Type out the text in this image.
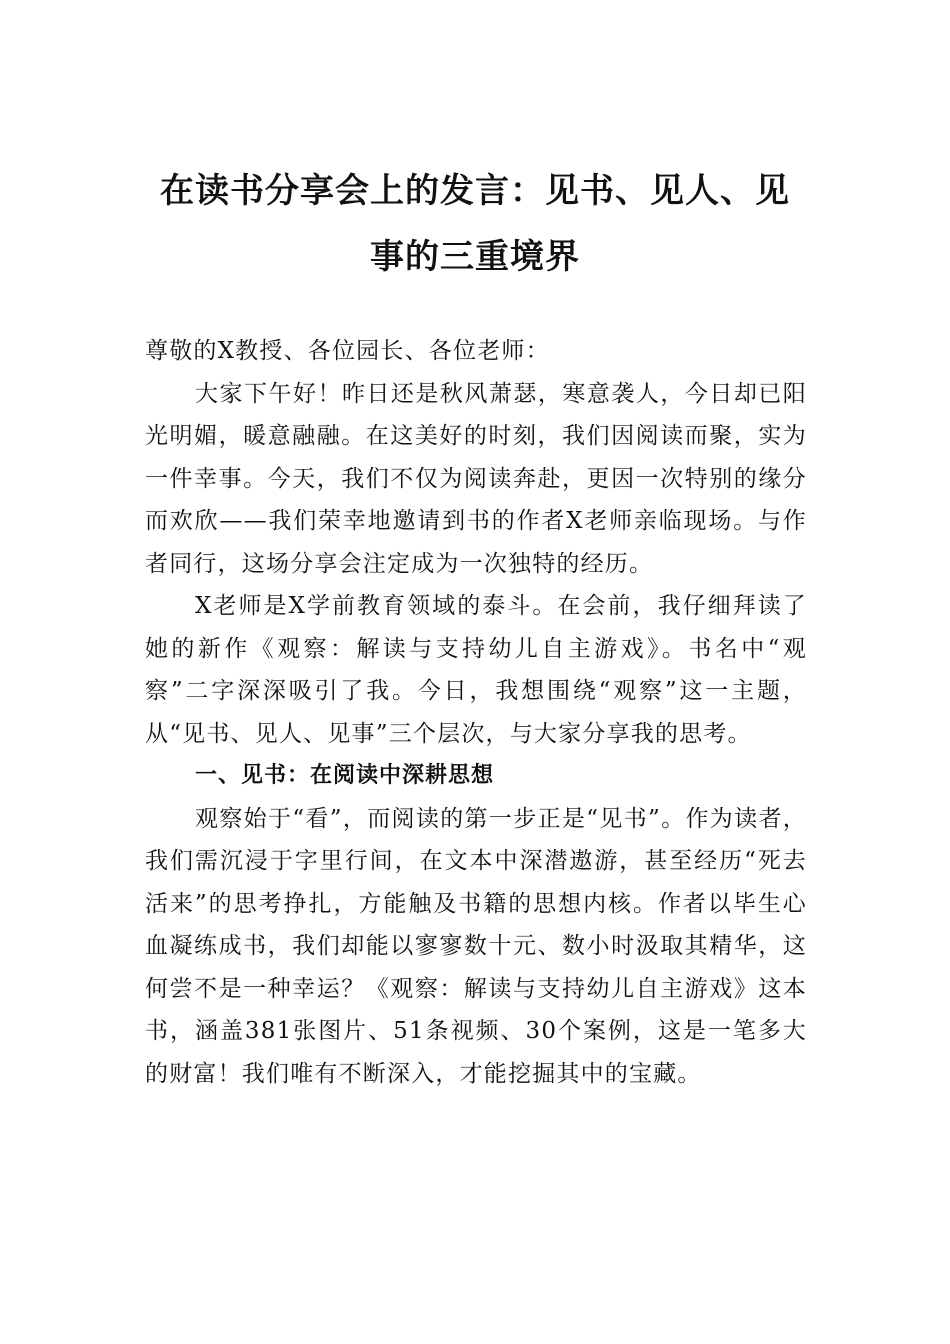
在读书分享会上的发言：见书、见人、见
事的三重境界

尊敬的X教授、各位园长、各位老师：

大家下午好！昨日还是秋风萧瑟，寒意袭人，今日却已阳光明媚，暖意融融。在这美好的时刻，我们因阅读而聚，实为一件幸事。今天，我们不仅为阅读奔赴，更因一次特别的缘分而欢欣——我们荣幸地邀请到书的作者X老师亲临现场。与作者同行，这场分享会注定成为一次独特的经历。

X老师是X学前教育领域的泰斗。在会前，我仔细拜读了她的新作《观察：解读与支持幼儿自主游戏》。书名中“观察”二字深深吸引了我。今日，我想围绕“观察”这一主题，从“见书、见人、见事”三个层次，与大家分享我的思考。

一、见书：在阅读中深耕思想

观察始于“看”，而阅读的第一步正是“见书”。作为读者，我们需沉浸于字里行间，在文本中深潜遨游，甚至经历“死去活来”的思考挣扎，方能触及书籍的思想内核。作者以毕生心血凝练成书，我们却能以寥寥数十元、数小时汲取其精华，这何尝不是一种幸运？《观察：解读与支持幼儿自主游戏》这本书，涵盖381张图片、51条视频、30个案例，这是一笔多大的财富！我们唯有不断深入，才能挖掘其中的宝藏。
